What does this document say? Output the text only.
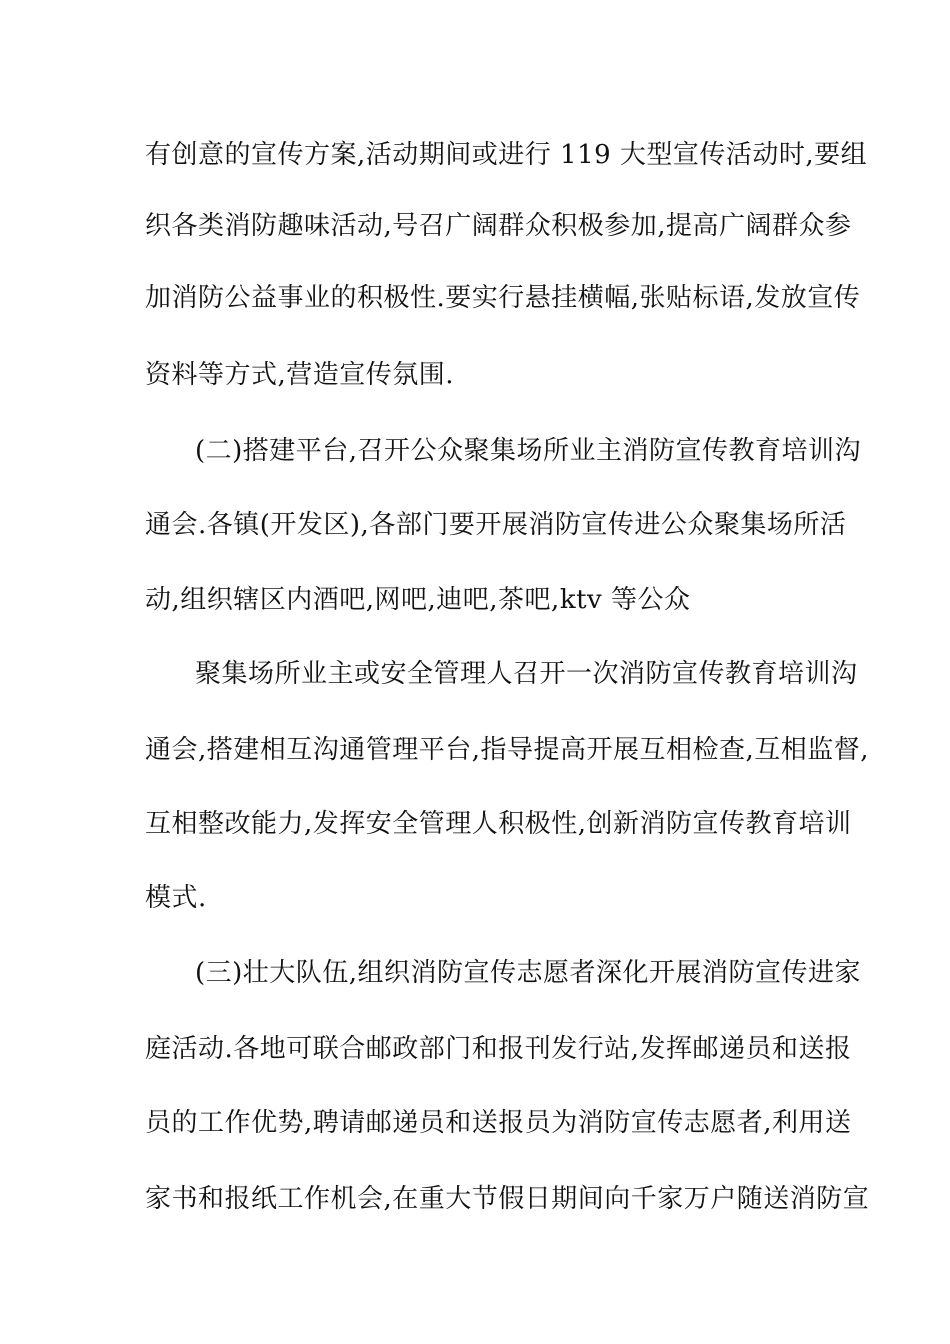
有创意的宣传方案,活动期间或进行 119 大型宣传活动时,要组
织各类消防趣味活动,号召广阔群众积极参加,提高广阔群众参
加消防公益事业的积极性.要实行悬挂横幅,张贴标语,发放宣传
资料等方式,营造宣传氛围.
(二)搭建平台,召开公众聚集场所业主消防宣传教育培训沟
通会.各镇(开发区),各部门要开展消防宣传进公众聚集场所活
动,组织辖区内酒吧,网吧,迪吧,茶吧,ktv 等公众
聚集场所业主或安全管理人召开一次消防宣传教育培训沟
通会,搭建相互沟通管理平台,指导提高开展互相检查,互相监督,
互相整改能力,发挥安全管理人积极性,创新消防宣传教育培训
模式.
(三)壮大队伍,组织消防宣传志愿者深化开展消防宣传进家
庭活动.各地可联合邮政部门和报刊发行站,发挥邮递员和送报
员的工作优势,聘请邮递员和送报员为消防宣传志愿者,利用送
家书和报纸工作机会,在重大节假日期间向千家万户随送消防宣
